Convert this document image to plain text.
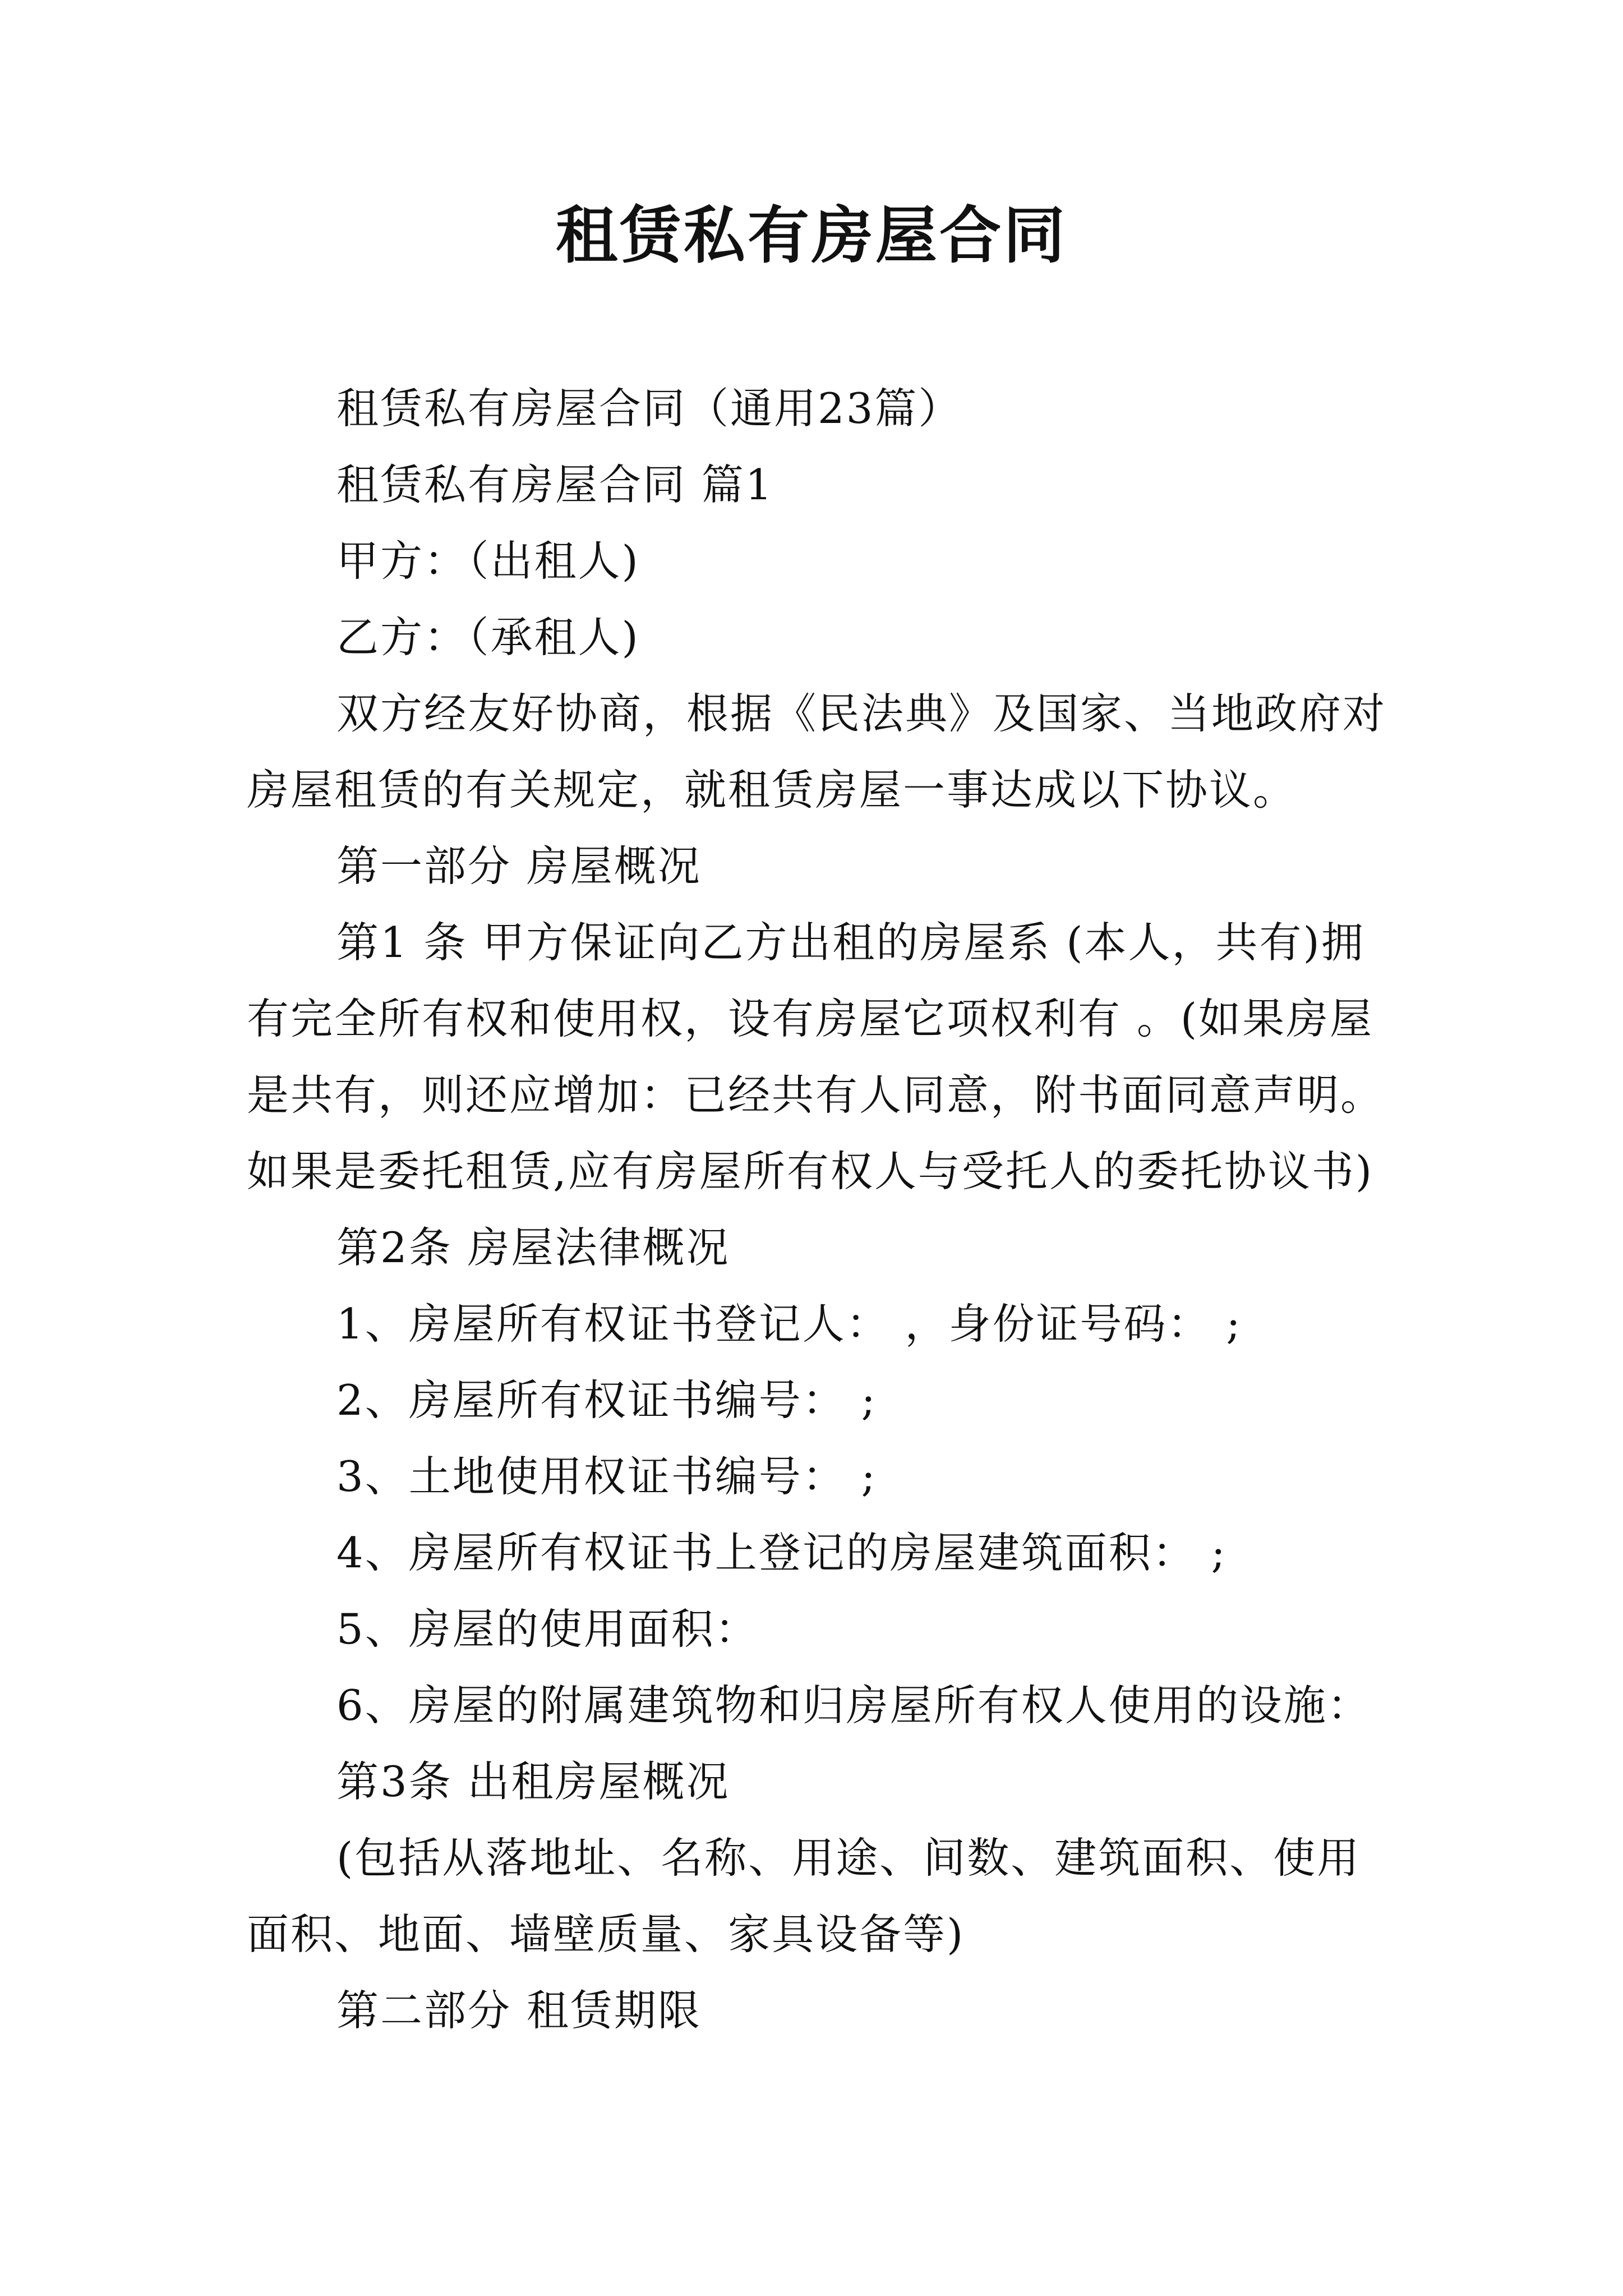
租赁私有房屋合同

租赁私有房屋合同（通用23篇）

租赁私有房屋合同 篇1

甲方：（出租人)

乙方：（承租人)

双方经友好协商，根据《民法典》及国家、当地政府对房屋租赁的有关规定，就租赁房屋一事达成以下协议。

第一部分 房屋概况

第1 条 甲方保证向乙方出租的房屋系 (本人，共有)拥有完全所有权和使用权，设有房屋它项权利有 。(如果房屋是共有，则还应增加：已经共有人同意，附书面同意声明。如果是委托租赁,应有房屋所有权人与受托人的委托协议书)

第2条 房屋法律概况

1、房屋所有权证书登记人： ，身份证号码： ;

2、房屋所有权证书编号： ;

3、土地使用权证书编号： ;

4、房屋所有权证书上登记的房屋建筑面积： ;

5、房屋的使用面积：

6、房屋的附属建筑物和归房屋所有权人使用的设施：

第3条 出租房屋概况

(包括从落地址、名称、用途、间数、建筑面积、使用面积、地面、墙壁质量、家具设备等)

第二部分 租赁期限
